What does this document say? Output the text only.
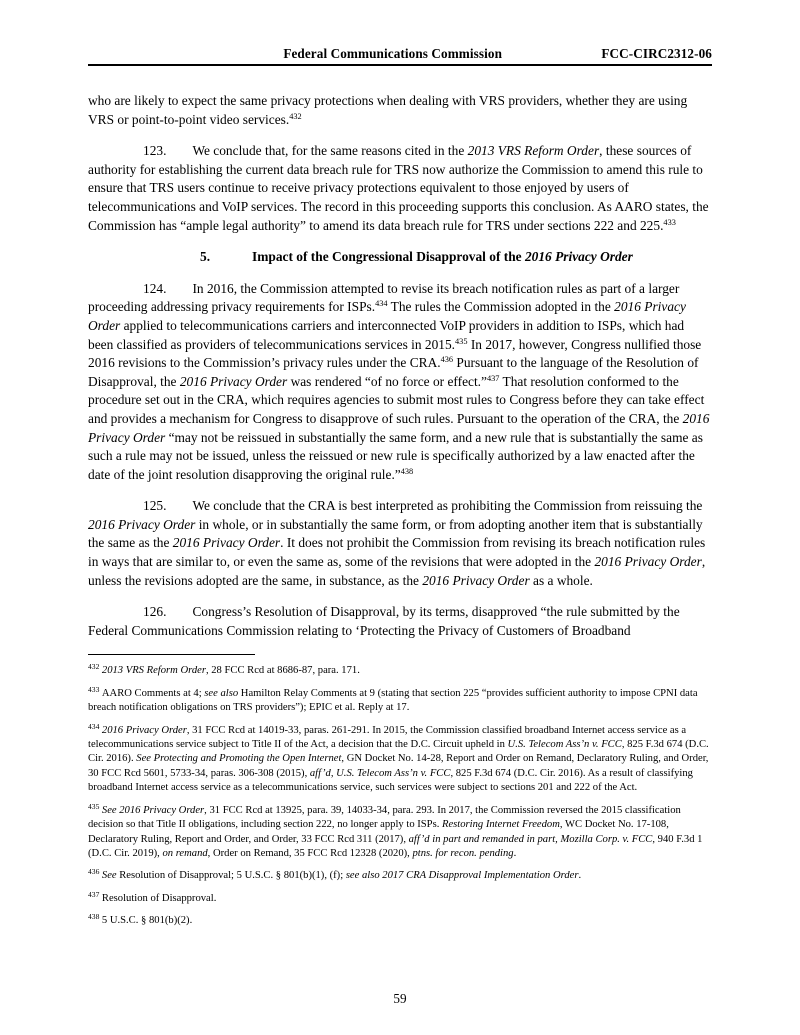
Federal Communications Commission	FCC-CIRC2312-06

who are likely to expect the same privacy protections when dealing with VRS providers, whether they are using VRS or point-to-point video services.$^{432}$

123. We conclude that, for the same reasons cited in the 2013 VRS Reform Order, these sources of authority for establishing the current data breach rule for TRS now authorize the Commission to amend this rule to ensure that TRS users continue to receive privacy protections equivalent to those enjoyed by users of telecommunications and VoIP services. The record in this proceeding supports this conclusion. As AARO states, the Commission has “ample legal authority” to amend its data breach rule for TRS under sections 222 and 225.$^{433}$

5.	Impact of the Congressional Disapproval of the 2016 Privacy Order

124. In 2016, the Commission attempted to revise its breach notification rules as part of a larger proceeding addressing privacy requirements for ISPs.$^{434}$ The rules the Commission adopted in the 2016 Privacy Order applied to telecommunications carriers and interconnected VoIP providers in addition to ISPs, which had been classified as providers of telecommunications services in 2015.$^{435}$ In 2017, however, Congress nullified those 2016 revisions to the Commission’s privacy rules under the CRA.$^{436}$ Pursuant to the language of the Resolution of Disapproval, the 2016 Privacy Order was rendered “of no force or effect.”$^{437}$ That resolution conformed to the procedure set out in the CRA, which requires agencies to submit most rules to Congress before they can take effect and provides a mechanism for Congress to disapprove of such rules. Pursuant to the operation of the CRA, the 2016 Privacy Order “may not be reissued in substantially the same form, and a new rule that is substantially the same as such a rule may not be issued, unless the reissued or new rule is specifically authorized by a law enacted after the date of the joint resolution disapproving the original rule.”$^{438}$

125. We conclude that the CRA is best interpreted as prohibiting the Commission from reissuing the 2016 Privacy Order in whole, or in substantially the same form, or from adopting another item that is substantially the same as the 2016 Privacy Order. It does not prohibit the Commission from revising its breach notification rules in ways that are similar to, or even the same as, some of the revisions that were adopted in the 2016 Privacy Order, unless the revisions adopted are the same, in substance, as the 2016 Privacy Order as a whole.

126. Congress’s Resolution of Disapproval, by its terms, disapproved “the rule submitted by the Federal Communications Commission relating to ‘Protecting the Privacy of Customers of Broadband

$^{432}$ 2013 VRS Reform Order, 28 FCC Rcd at 8686-87, para. 171.

$^{433}$ AARO Comments at 4; see also Hamilton Relay Comments at 9 (stating that section 225 “provides sufficient authority to impose CPNI data breach notification obligations on TRS providers”); EPIC et al. Reply at 17.

$^{434}$ 2016 Privacy Order, 31 FCC Rcd at 14019-33, paras. 261-291. In 2015, the Commission classified broadband Internet access service as a telecommunications service subject to Title II of the Act, a decision that the D.C. Circuit upheld in U.S. Telecom Ass’n v. FCC, 825 F.3d 674 (D.C. Cir. 2016). See Protecting and Promoting the Open Internet, GN Docket No. 14-28, Report and Order on Remand, Declaratory Ruling, and Order, 30 FCC Rcd 5601, 5733-34, paras. 306-308 (2015), aff’d, U.S. Telecom Ass’n v. FCC, 825 F.3d 674 (D.C. Cir. 2016). As a result of classifying broadband Internet access service as a telecommunications service, such services were subject to sections 201 and 222 of the Act.

$^{435}$ See 2016 Privacy Order, 31 FCC Rcd at 13925, para. 39, 14033-34, para. 293. In 2017, the Commission reversed the 2015 classification decision so that Title II obligations, including section 222, no longer apply to ISPs. Restoring Internet Freedom, WC Docket No. 17-108, Declaratory Ruling, Report and Order, and Order, 33 FCC Rcd 311 (2017), aff’d in part and remanded in part, Mozilla Corp. v. FCC, 940 F.3d 1 (D.C. Cir. 2019), on remand, Order on Remand, 35 FCC Rcd 12328 (2020), ptns. for recon. pending.

$^{436}$ See Resolution of Disapproval; 5 U.S.C. § 801(b)(1), (f); see also 2017 CRA Disapproval Implementation Order.

$^{437}$ Resolution of Disapproval.

$^{438}$ 5 U.S.C. § 801(b)(2).

59
